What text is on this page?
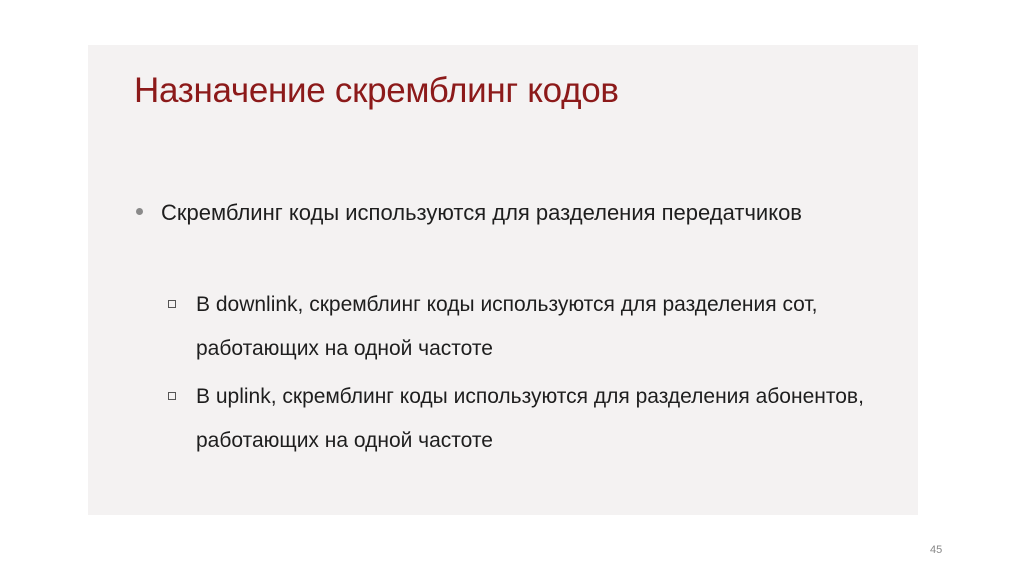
Назначение скремблинг кодов
Скремблинг коды используются для разделения передатчиков
В downlink, скремблинг коды используются для разделения сот, работающих на одной частоте
В uplink, скремблинг коды используются для разделения абонентов, работающих на одной частоте
45
